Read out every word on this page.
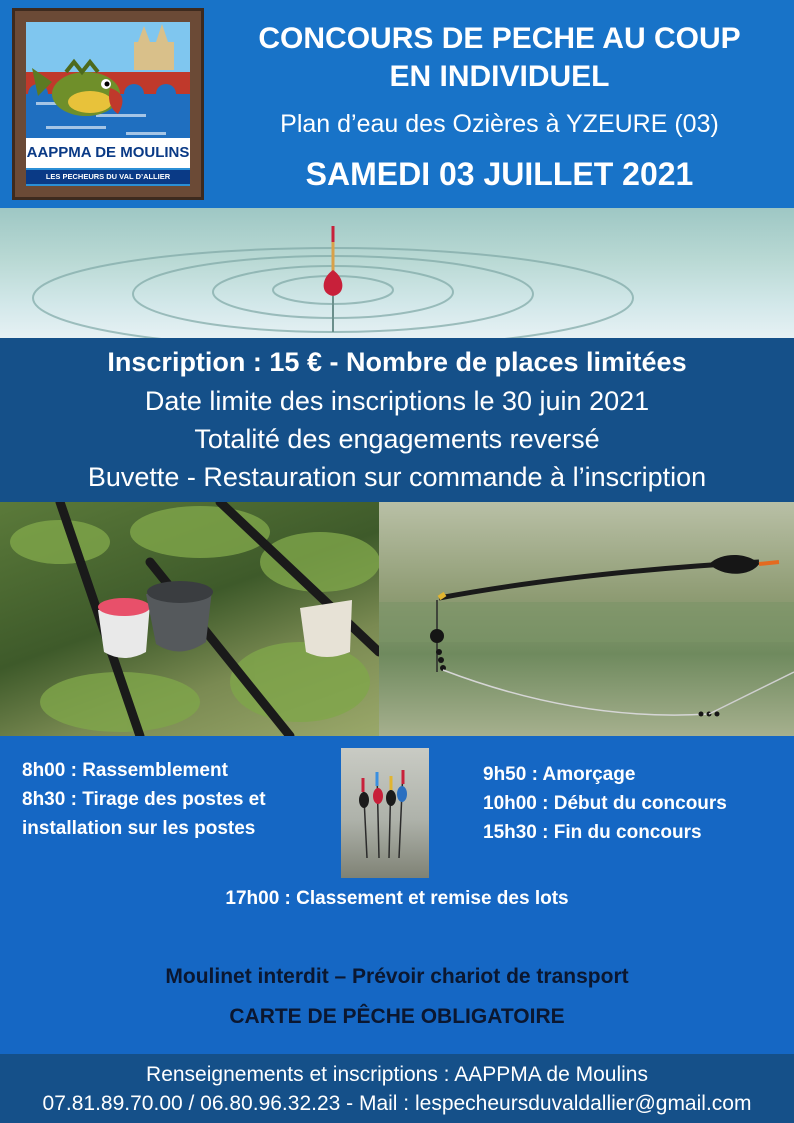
AAPPMA DE MOULINS
LES PECHEURS DU VAL D’ALLIER
CONCOURS DE PECHE AU COUP
EN INDIVIDUEL
Plan d’eau des Ozières à YZEURE (03)
SAMEDI 03 JUILLET 2021
Inscription : 15 € - Nombre de places limitées
Date limite des inscriptions le 30 juin 2021
Totalité des engagements reversé
Buvette - Restauration sur commande à l’inscription
8h00 : Rassemblement
8h30 : Tirage des postes et
installation sur les postes
9h50 : Amorçage
10h00 : Début du concours
15h30 : Fin du concours
17h00 : Classement et remise des lots
Moulinet interdit – Prévoir chariot de transport
CARTE DE PÊCHE OBLIGATOIRE
Renseignements et inscriptions : AAPPMA de Moulins
07.81.89.70.00 / 06.80.96.32.23 - Mail : lespecheursduvaldallier@gmail.com
